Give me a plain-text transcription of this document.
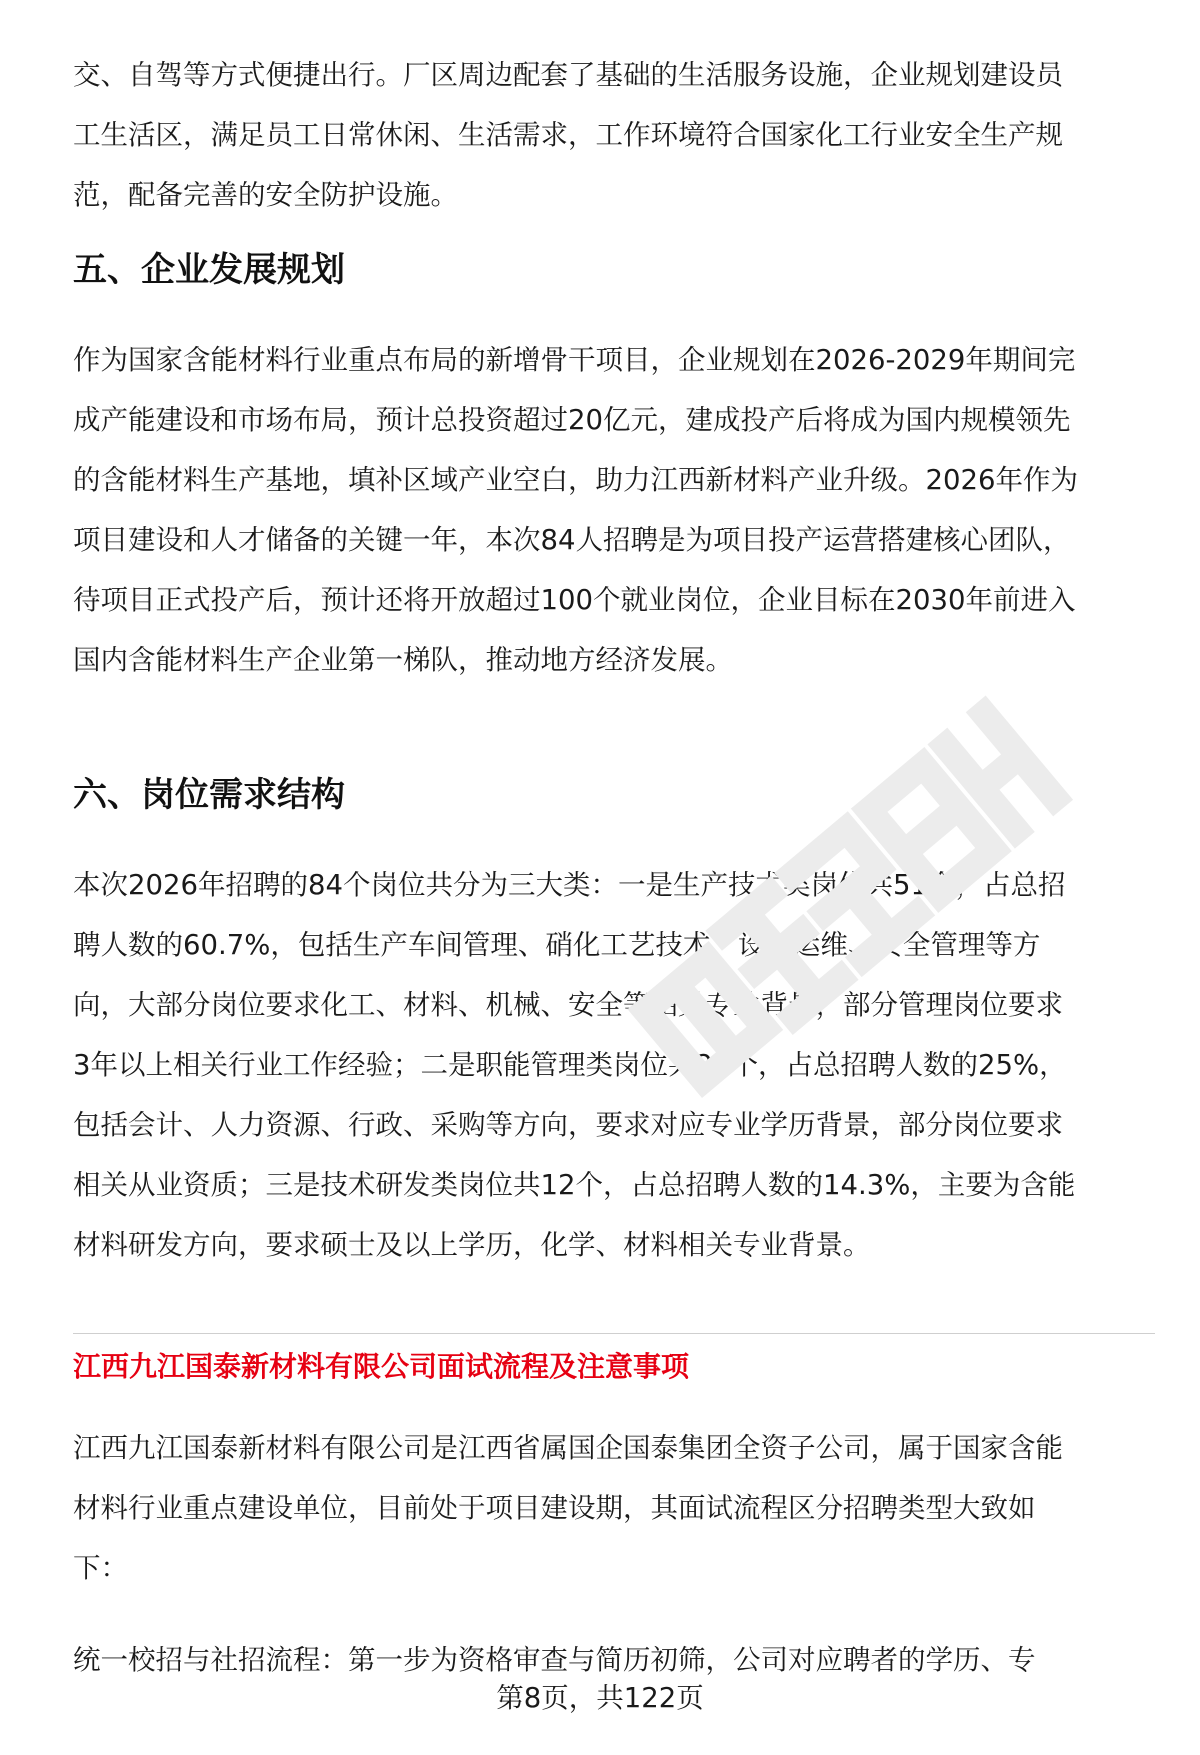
交、自驾等方式便捷出行。厂区周边配套了基础的生活服务设施，企业规划建设员
工生活区，满足员工日常休闲、生活需求，工作环境符合国家化工行业安全生产规
范，配备完善的安全防护设施。
五、企业发展规划
作为国家含能材料行业重点布局的新增骨干项目，企业规划在2026-2029年期间完
成产能建设和市场布局，预计总投资超过20亿元，建成投产后将成为国内规模领先
的含能材料生产基地，填补区域产业空白，助力江西新材料产业升级。2026年作为
项目建设和人才储备的关键一年，本次84人招聘是为项目投产运营搭建核心团队，
待项目正式投产后，预计还将开放超过100个就业岗位，企业目标在2030年前进入
国内含能材料生产企业第一梯队，推动地方经济发展。
六、岗位需求结构
本次2026年招聘的84个岗位共分为三大类：一是生产技术类岗位共51个，占总招
聘人数的60.7%，包括生产车间管理、硝化工艺技术、设备运维、安全管理等方
向，大部分岗位要求化工、材料、机械、安全等相关专业背景，部分管理岗位要求
3年以上相关行业工作经验；二是职能管理类岗位共21个，占总招聘人数的25%，
包括会计、人力资源、行政、采购等方向，要求对应专业学历背景，部分岗位要求
相关从业资质；三是技术研发类岗位共12个，占总招聘人数的14.3%，主要为含能
材料研发方向，要求硕士及以上学历，化学、材料相关专业背景。
江西九江国泰新材料有限公司面试流程及注意事项
江西九江国泰新材料有限公司是江西省属国企国泰集团全资子公司，属于国家含能
材料行业重点建设单位，目前处于项目建设期，其面试流程区分招聘类型大致如
下：
统一校招与社招流程：第一步为资格审查与简历初筛，公司对应聘者的学历、专
第8页，共122页
